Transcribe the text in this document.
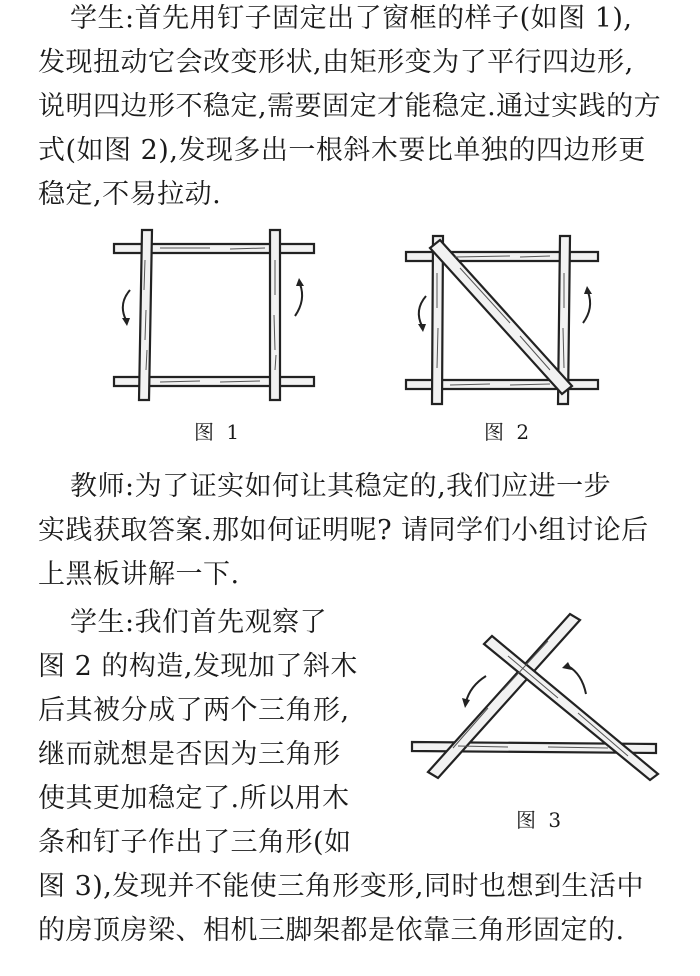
学生:首先用钉子固定出了窗框的样子(如图 1),
发现扭动它会改变形状,由矩形变为了平行四边形,
说明四边形不稳定,需要固定才能稳定.通过实践的方
式(如图 2),发现多出一根斜木要比单独的四边形更
稳定,不易拉动.
图 1	图 2
教师:为了证实如何让其稳定的,我们应进一步
实践获取答案.那如何证明呢? 请同学们小组讨论后
上黑板讲解一下.
学生:我们首先观察了
图 2 的构造,发现加了斜木
后其被分成了两个三角形,
继而就想是否因为三角形
使其更加稳定了.所以用木
条和钉子作出了三角形(如
图 3),发现并不能使三角形变形,同时也想到生活中
的房顶房梁、相机三脚架都是依靠三角形固定的.
图 3
